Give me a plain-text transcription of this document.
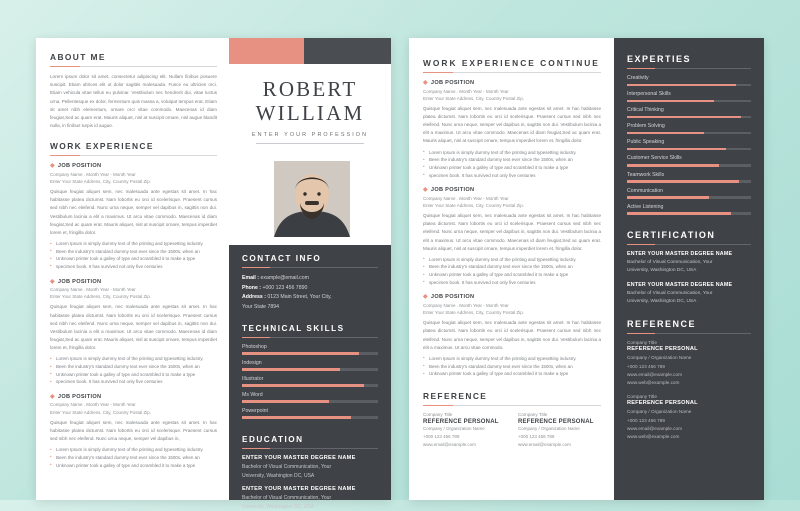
ABOUT ME
Lorem ipsum dolor sit amet, consectetur adipiscing elit. Nullam finibus posuere suscipit. Etiam ultrices elit ut dolor sagittis malesuada. Fusce eu ultricies orci. Etiam vehicula vitae tellus eu pulvinar. Vestibulum nec hendrerit dui, vitae luctus urna. Pellentesque ex dolor, fermentum quis massa a, volutpat tempus erat. Etiam sit amet nibh elementum, ornare orci vitae commodo. Maecenas id diam feugiat,Sed ac quam erat. Mauris aliquet, nisl at suscipit ornare, nisl augue blandit nulla, in finibus turpis id augue.
WORK EXPERIENCE
◆ JOB POSITION
Company Name . Month Year - Month Year
Enter Your State Address, City, Country Postal Zip.
Quisque feugiat aliquet sem, nec malesuada ante egestas sit amet. In hac habitasse platea dictumst. Nam lobortis eu orci id scelerisque. Praesent cursus sed nibh nec eleifend. Nunc urna neque, semper vel dapibus in, sagittis non dui. Vestibulum lacinia a elit a maximus. Ut arcu vitae commodo. Maecenas id diam feugiat,Sed ac quam erat. Mauris aliquet, nisl at suscipit ornare, tempus imperdiet lorem et, fringilla dolor.
• Lorem Ipsum is simply dummy text of the printing and typesetting industry.
• Been the industry's standard dummy text ever since the 1500s, when an
• Unknown printer took a galley of type and scrambled it to make a type
• specimen book. It has survived not only five centuries
◆ JOB POSITION
Company Name . Month Year - Month Year
Enter Your State Address, City, Country Postal Zip.
Quisque feugiat aliquet sem, nec malesuada ante egestas sit amet. In hac habitasse platea dictumst. Nam lobortis eu orci id scelerisque. Praesent cursus sed nibh nec eleifend. Nunc urna neque, semper vel dapibus in, sagittis non dui. Vestibulum lacinia a elit a maximus. Ut arcu vitae commodo. Maecenas id diam feugiat,Sed ac quam erat. Mauris aliquet, nisl at suscipit ornare, tempus imperdiet lorem et, fringilla dolor.
• Lorem Ipsum is simply dummy text of the printing and typesetting industry.
• Been the industry's standard dummy text ever since the 1500s, when an
• Unknown printer took a galley of type and scrambled it to make a type
• specimen book. It has survived not only five centuries
◆ JOB POSITION
Company Name . Month Year - Month Year
Enter Your State Address, City, Country Postal Zip.
Quisque feugiat aliquet sem, nec malesuada ante egestas sit amet. In hac habitasse platea dictumst. Nam lobortis eu orci id scelerisque. Praesent cursus sed nibh nec eleifend. Nunc urna neque, semper vel dapibus in,
• Lorem Ipsum is simply dummy text of the printing and typesetting industry.
• Been the industry's standard dummy text ever since the 1500s, when an
• Unknown printer took a galley of type and scrambled it to make a type
ROBERT
WILLIAM
ENTER YOUR PROFESSION
CONTACT INFO
Email : example@email.com
Phone : +000 123 456 7890
Address : 0123 Main Street, Your City,
Your State 7894
TECHNICAL SKILLS
Photoshop
Indesign
Illustrator
Ms Word
Powerpoint
EDUCATION
ENTER YOUR MASTER DEGREE NAME
Bachelor of Visual Communication, Your
University, Washington DC, USA
ENTER YOUR MASTER DEGREE NAME
Bachelor of Visual Communication, Your
University, Washington DC, USA
WORK EXPERIENCE CONTINUE
◆ JOB POSITION
Company Name . Month Year - Month Year
Enter Your State Address, City, Country Postal Zip.
Quisque feugiat aliquet sem, nec malesuada ante egestas sit amet. In hac habitasse platea dictumst. Nam lobortis eu orci id scelerisque. Praesent cursus sed nibh nec eleifend. Nunc urna neque, semper vel dapibus in, sagittis non dui. Vestibulum lacinia a elit a maximus. Ut arcu vitae commodo. Maecenas id diam feugiat,Sed ac quam erat. Mauris aliquet, nisl at suscipit ornare, tempus imperdiet lorem et, fringilla dolor.
• Lorem Ipsum is simply dummy text of the printing and typesetting industry.
• Been the industry's standard dummy text ever since the 1500s, when an
• Unknown printer took a galley of type and scrambled it to make a type
• specimen book. It has survived not only five centuries
◆ JOB POSITION
Company Name . Month Year - Month Year
Enter Your State Address, City, Country Postal Zip.
Quisque feugiat aliquet sem, nec malesuada ante egestas sit amet. In hac habitasse platea dictumst. Nam lobortis eu orci id scelerisque. Praesent cursus sed nibh nec eleifend. Nunc urna neque, semper vel dapibus in, sagittis non dui. Vestibulum lacinia a elit a maximus. Ut arcu vitae commodo. Maecenas id diam feugiat,Sed ac quam erat. Mauris aliquet, nisl at suscipit ornare, tempus imperdiet lorem et, fringilla dolor.
• Lorem Ipsum is simply dummy text of the printing and typesetting industry.
• Been the industry's standard dummy text ever since the 1500s, when an
• Unknown printer took a galley of type and scrambled it to make a type
• specimen book. It has survived not only five centuries
◆ JOB POSITION
Company Name . Month Year - Month Year
Enter Your State Address, City, Country Postal Zip.
Quisque feugiat aliquet sem, nec malesuada ante egestas sit amet. In hac habitasse platea dictumst. Nam lobortis eu orci id scelerisque. Praesent cursus sed nibh nec eleifend. Nunc urna neque, semper vel dapibus in, sagittis non dui. Vestibulum lacinia a elit a maximus. Ut arcu vitae commodo.
• Lorem Ipsum is simply dummy text of the printing and typesetting industry.
• Been the industry's standard dummy text ever since the 1500s, when an
• Unknown printer took a galley of type and scrambled it to make a type
REFERENCE
Company Title
REFERENCE PERSONAL
Company / Organization Name
+000 123 456 789
www.email@example.com
Company Title
REFERENCE PERSONAL
Company / Organization Name
+000 123 456 789
www.email@example.com
EXPERTIES
Creativity
Interpersonal Skills
Critical Thinking
Problem Solving
Public Speaking
Customer Service Skills
Teamwork Skills
Communication
Active Listening
CERTIFICATION
ENTER YOUR MASTER DEGREE NAME
Bachelor of Visual Communication, Your
University, Washington DC, USA
ENTER YOUR MASTER DEGREE NAME
Bachelor of Visual Communication, Your
University, Washington DC, USA
REFERENCE
Company Title
REFERENCE PERSONAL
Company / Organization Name
+000 123 456 789
www.email@example.com
www.web@example.com
Company Title
REFERENCE PERSONAL
Company / Organization Name
+000 123 456 789
www.email@example.com
www.web@example.com
